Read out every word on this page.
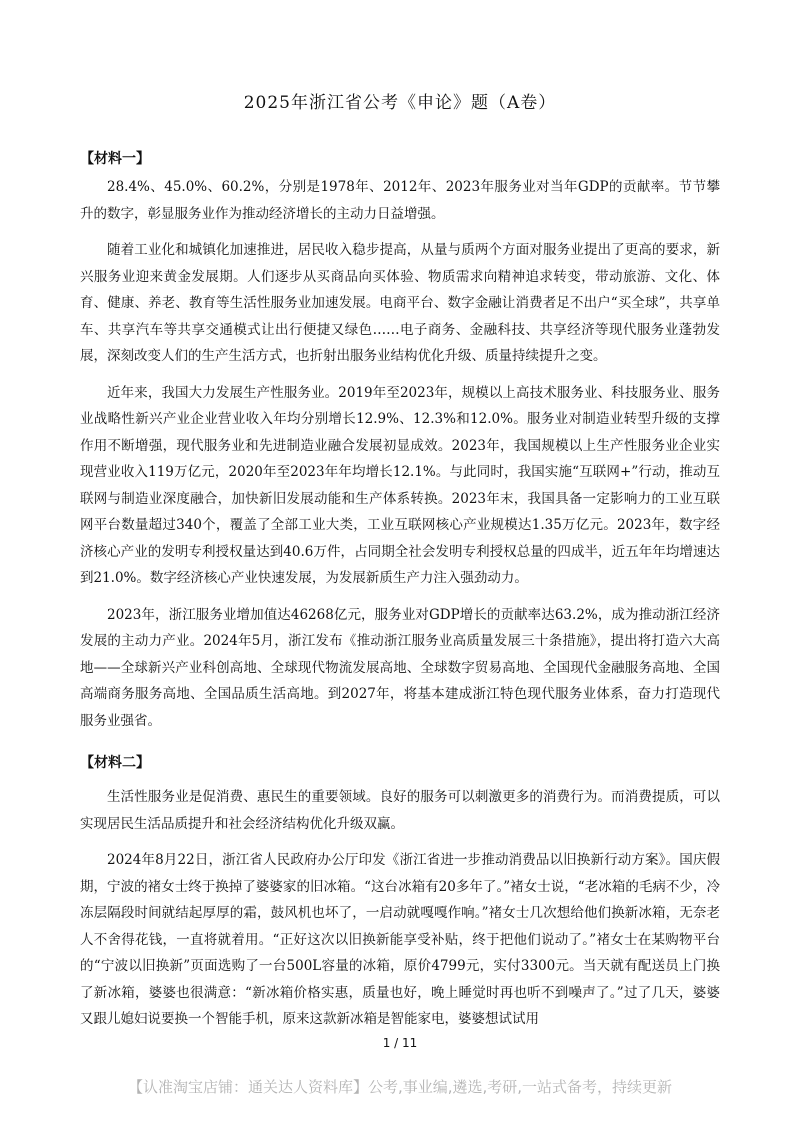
2025年浙江省公考《申论》题（A卷）
【材料一】

28.4%、45.0%、60.2%，分别是1978年、2012年、2023年服务业对当年GDP的贡献率。节节攀升的数字，彰显服务业作为推动经济增长的主动力日益增强。

随着工业化和城镇化加速推进，居民收入稳步提高，从量与质两个方面对服务业提出了更高的要求，新兴服务业迎来黄金发展期。人们逐步从买商品向买体验、物质需求向精神追求转变，带动旅游、文化、体育、健康、养老、教育等生活性服务业加速发展。电商平台、数字金融让消费者足不出户“买全球”，共享单车、共享汽车等共享交通模式让出行便捷又绿色……电子商务、金融科技、共享经济等现代服务业蓬勃发展，深刻改变人们的生产生活方式，也折射出服务业结构优化升级、质量持续提升之变。

近年来，我国大力发展生产性服务业。2019年至2023年，规模以上高技术服务业、科技服务业、服务业战略性新兴产业企业营业收入年均分别增长12.9%、12.3%和12.0%。服务业对制造业转型升级的支撑作用不断增强，现代服务业和先进制造业融合发展初显成效。2023年，我国规模以上生产性服务业企业实现营业收入119万亿元，2020年至2023年年均增长12.1%。与此同时，我国实施“互联网+”行动，推动互联网与制造业深度融合，加快新旧发展动能和生产体系转换。2023年末，我国具备一定影响力的工业互联网平台数量超过340个，覆盖了全部工业大类，工业互联网核心产业规模达1.35万亿元。2023年，数字经济核心产业的发明专利授权量达到40.6万件，占同期全社会发明专利授权总量的四成半，近五年年均增速达到21.0%。数字经济核心产业快速发展，为发展新质生产力注入强劲动力。

2023年，浙江服务业增加值达46268亿元，服务业对GDP增长的贡献率达63.2%，成为推动浙江经济发展的主动力产业。2024年5月，浙江发布《推动浙江服务业高质量发展三十条措施》，提出将打造六大高地——全球新兴产业科创高地、全球现代物流发展高地、全球数字贸易高地、全国现代金融服务高地、全国高端商务服务高地、全国品质生活高地。到2027年，将基本建成浙江特色现代服务业体系，奋力打造现代服务业强省。

【材料二】

生活性服务业是促消费、惠民生的重要领域。良好的服务可以刺激更多的消费行为。而消费提质，可以实现居民生活品质提升和社会经济结构优化升级双赢。

2024年8月22日，浙江省人民政府办公厅印发《浙江省进一步推动消费品以旧换新行动方案》。国庆假期，宁波的褚女士终于换掉了婆婆家的旧冰箱。“这台冰箱有20多年了。”褚女士说，“老冰箱的毛病不少，冷冻层隔段时间就结起厚厚的霜，鼓风机也坏了，一启动就嘎嘎作响。”褚女士几次想给他们换新冰箱，无奈老人不舍得花钱，一直将就着用。“正好这次以旧换新能享受补贴，终于把他们说动了。”褚女士在某购物平台的“宁波以旧换新”页面选购了一台500L容量的冰箱，原价4799元，实付3300元。当天就有配送员上门换了新冰箱，婆婆也很满意：“新冰箱价格实惠，质量也好，晚上睡觉时再也听不到噪声了。”过了几天，婆婆又跟儿媳妇说要换一个智能手机，原来这款新冰箱是智能家电，婆婆想试试用

1 / 11
【认准淘宝店铺：通关达人资料库】公考,事业编,遴选,考研,一站式备考，持续更新
